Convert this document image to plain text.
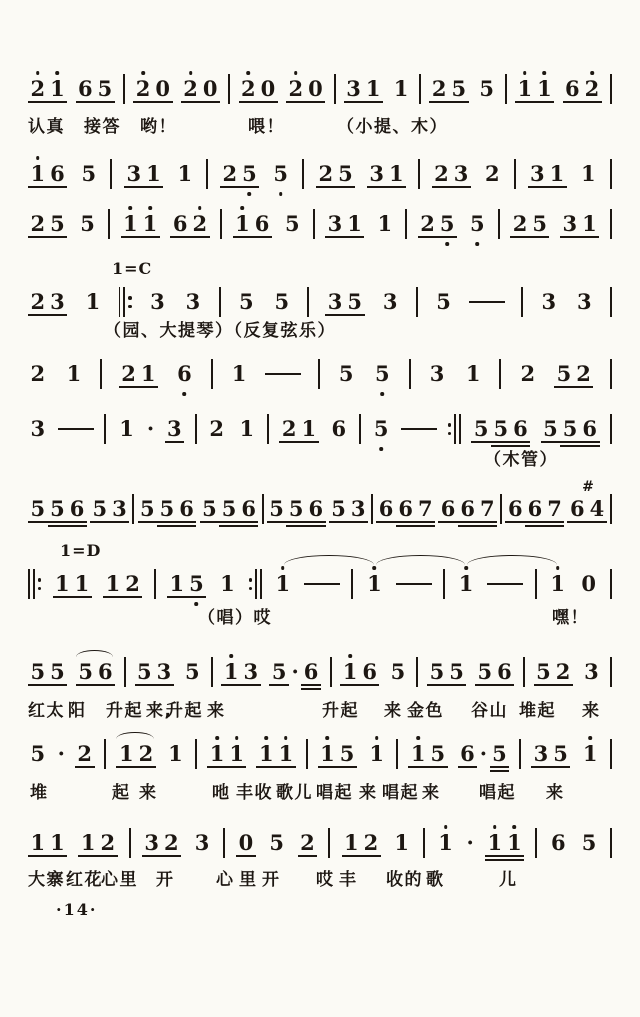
·14·
2 1 6 5 2 0 2 0 2 0 2 0 3 1 1 2 5 5 1 1 6 2
认真 接答 哟！	喂！	（小提、木）
1 6 5 3 1 1 2 5 5 2 5 3 1 2 3 2 3 1 1
2 5 5 1 1 6 2 1 6 5 3 1 1 2 5 5 2 5 3 1
1=C
2 3 1 3 3 5 5 3 5 3 5	3 3
（园、大提琴）（反复弦乐）
2 1 2 1 6 1	5 5 3 1 2 5 2
3	1 · 3 2 1 2 1 6 5	5 5 6 5 5 6
（木管）
5 5 6 5 3 5 5 6 5 5 6 5 5 6 5 3 6 6 7 6 6 7 6 6 7 6 4
#
1=D
1 1 1 2 1 5 1 1	1	1	1 0
（唱）哎	嘿！
5 5 5 6 5 3 5 1 3 5 · 6 1 6 5 5 5 5 6 5 2 3
红太 阳 升起 来,
升起 来	升起 来 金色 谷山 堆起 来
5 · 2 1 2 1 1 1 1 1 1 5 1 1 5 6 · 5 3 5 1
堆	起 来	吔 丰收 歌儿 唱起 来 唱起 来 唱起 来
1 1 1 2 3 2 3 0 5 2 1 2 1 1 · 1 1 6 5
大寨 红花
心里 开 心 里 开 哎 丰 收的 歌	儿
